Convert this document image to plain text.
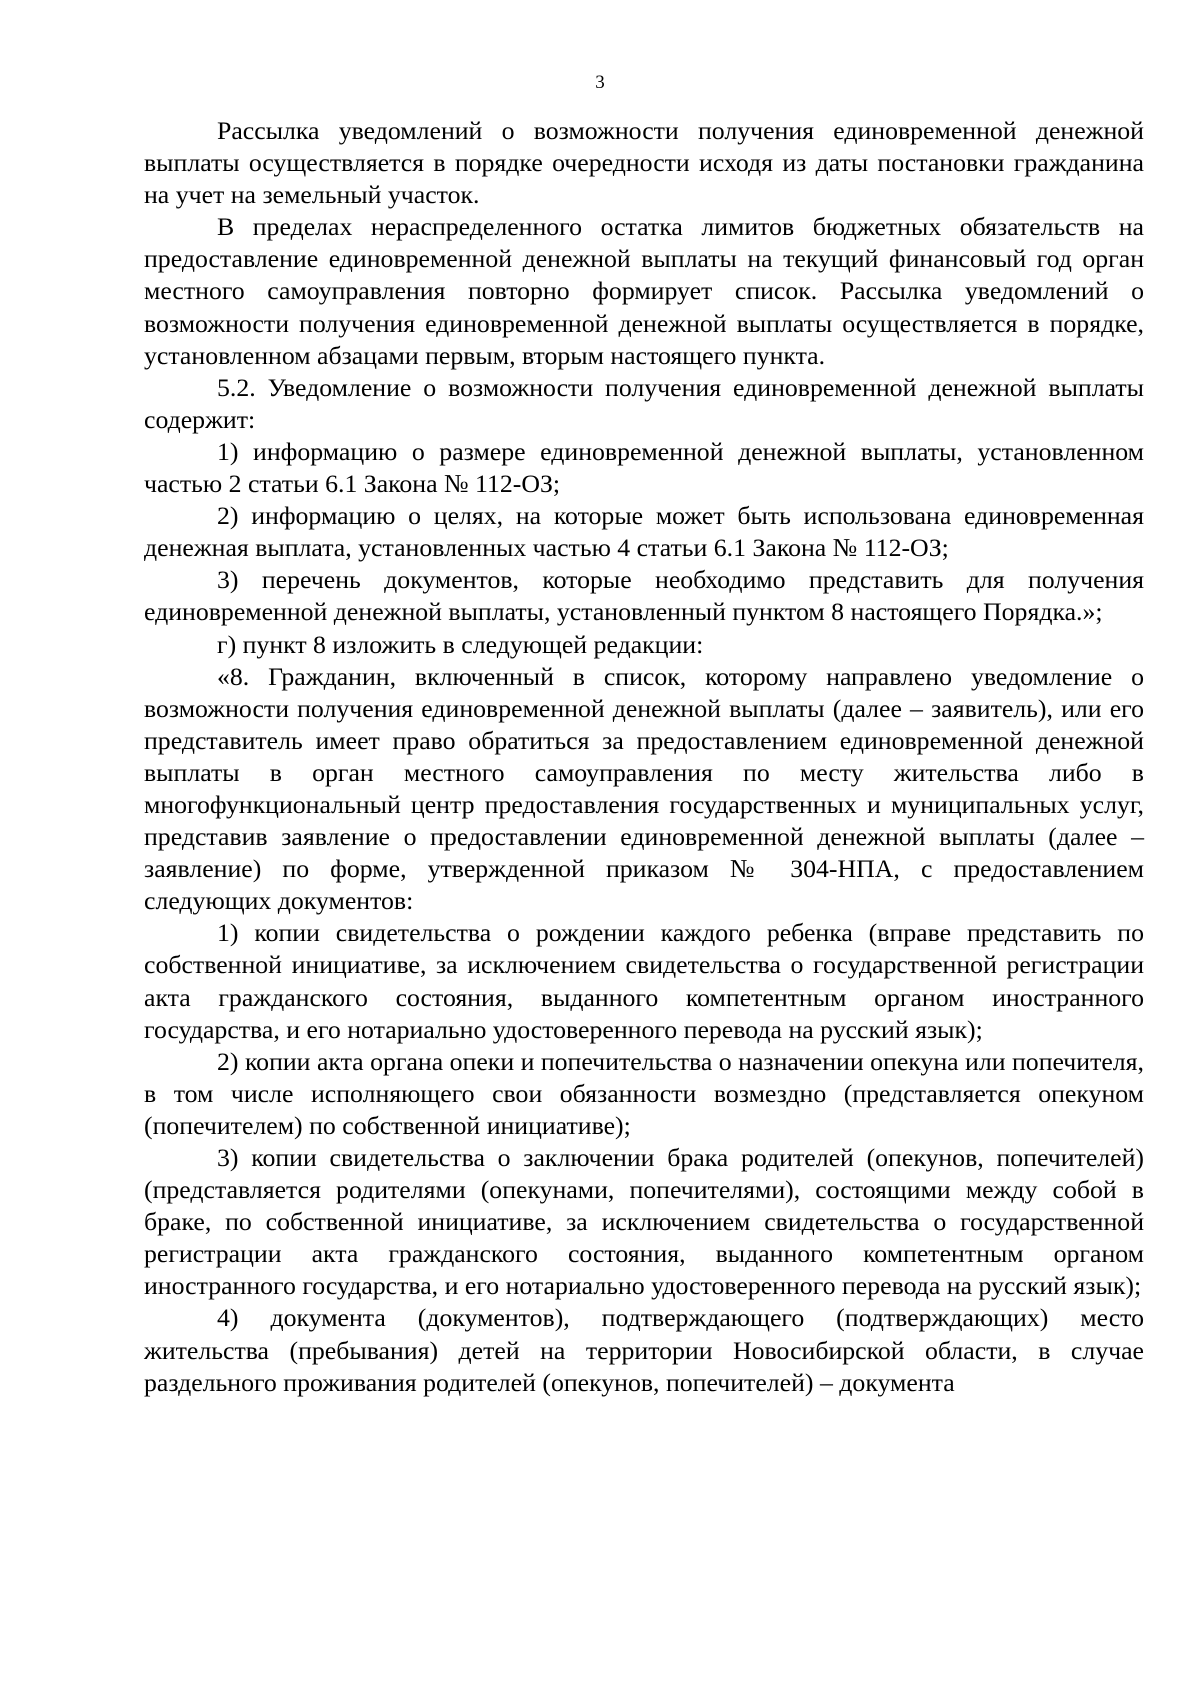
3

Рассылка уведомлений о возможности получения единовременной денежной выплаты осуществляется в порядке очередности исходя из даты постановки гражданина на учет на земельный участок.

В пределах нераспределенного остатка лимитов бюджетных обязательств на предоставление единовременной денежной выплаты на текущий финансовый год орган местного самоуправления повторно формирует список. Рассылка уведомлений о возможности получения единовременной денежной выплаты осуществляется в порядке, установленном абзацами первым, вторым настоящего пункта.

5.2. Уведомление о возможности получения единовременной денежной выплаты содержит:

1) информацию о размере единовременной денежной выплаты, установленном частью 2 статьи 6.1 Закона № 112-ОЗ;

2) информацию о целях, на которые может быть использована единовременная денежная выплата, установленных частью 4 статьи 6.1 Закона № 112-ОЗ;

3) перечень документов, которые необходимо представить для получения единовременной денежной выплаты, установленный пунктом 8 настоящего Порядка.»;

г) пункт 8 изложить в следующей редакции:

«8. Гражданин, включенный в список, которому направлено уведомление о возможности получения единовременной денежной выплаты (далее – заявитель), или его представитель имеет право обратиться за предоставлением единовременной денежной выплаты в орган местного самоуправления по месту жительства либо в многофункциональный центр предоставления государственных и муниципальных услуг, представив заявление о предоставлении единовременной денежной выплаты (далее – заявление) по форме, утвержденной приказом № 304-НПА, с предоставлением следующих документов:

1) копии свидетельства о рождении каждого ребенка (вправе представить по собственной инициативе, за исключением свидетельства о государственной регистрации акта гражданского состояния, выданного компетентным органом иностранного государства, и его нотариально удостоверенного перевода на русский язык);

2) копии акта органа опеки и попечительства о назначении опекуна или попечителя, в том числе исполняющего свои обязанности возмездно (представляется опекуном (попечителем) по собственной инициативе);

3) копии свидетельства о заключении брака родителей (опекунов, попечителей) (представляется родителями (опекунами, попечителями), состоящими между собой в браке, по собственной инициативе, за исключением свидетельства о государственной регистрации акта гражданского состояния, выданного компетентным органом иностранного государства, и его нотариально удостоверенного перевода на русский язык);

4) документа (документов), подтверждающего (подтверждающих) место жительства (пребывания) детей на территории Новосибирской области, в случае раздельного проживания родителей (опекунов, попечителей) – документа
